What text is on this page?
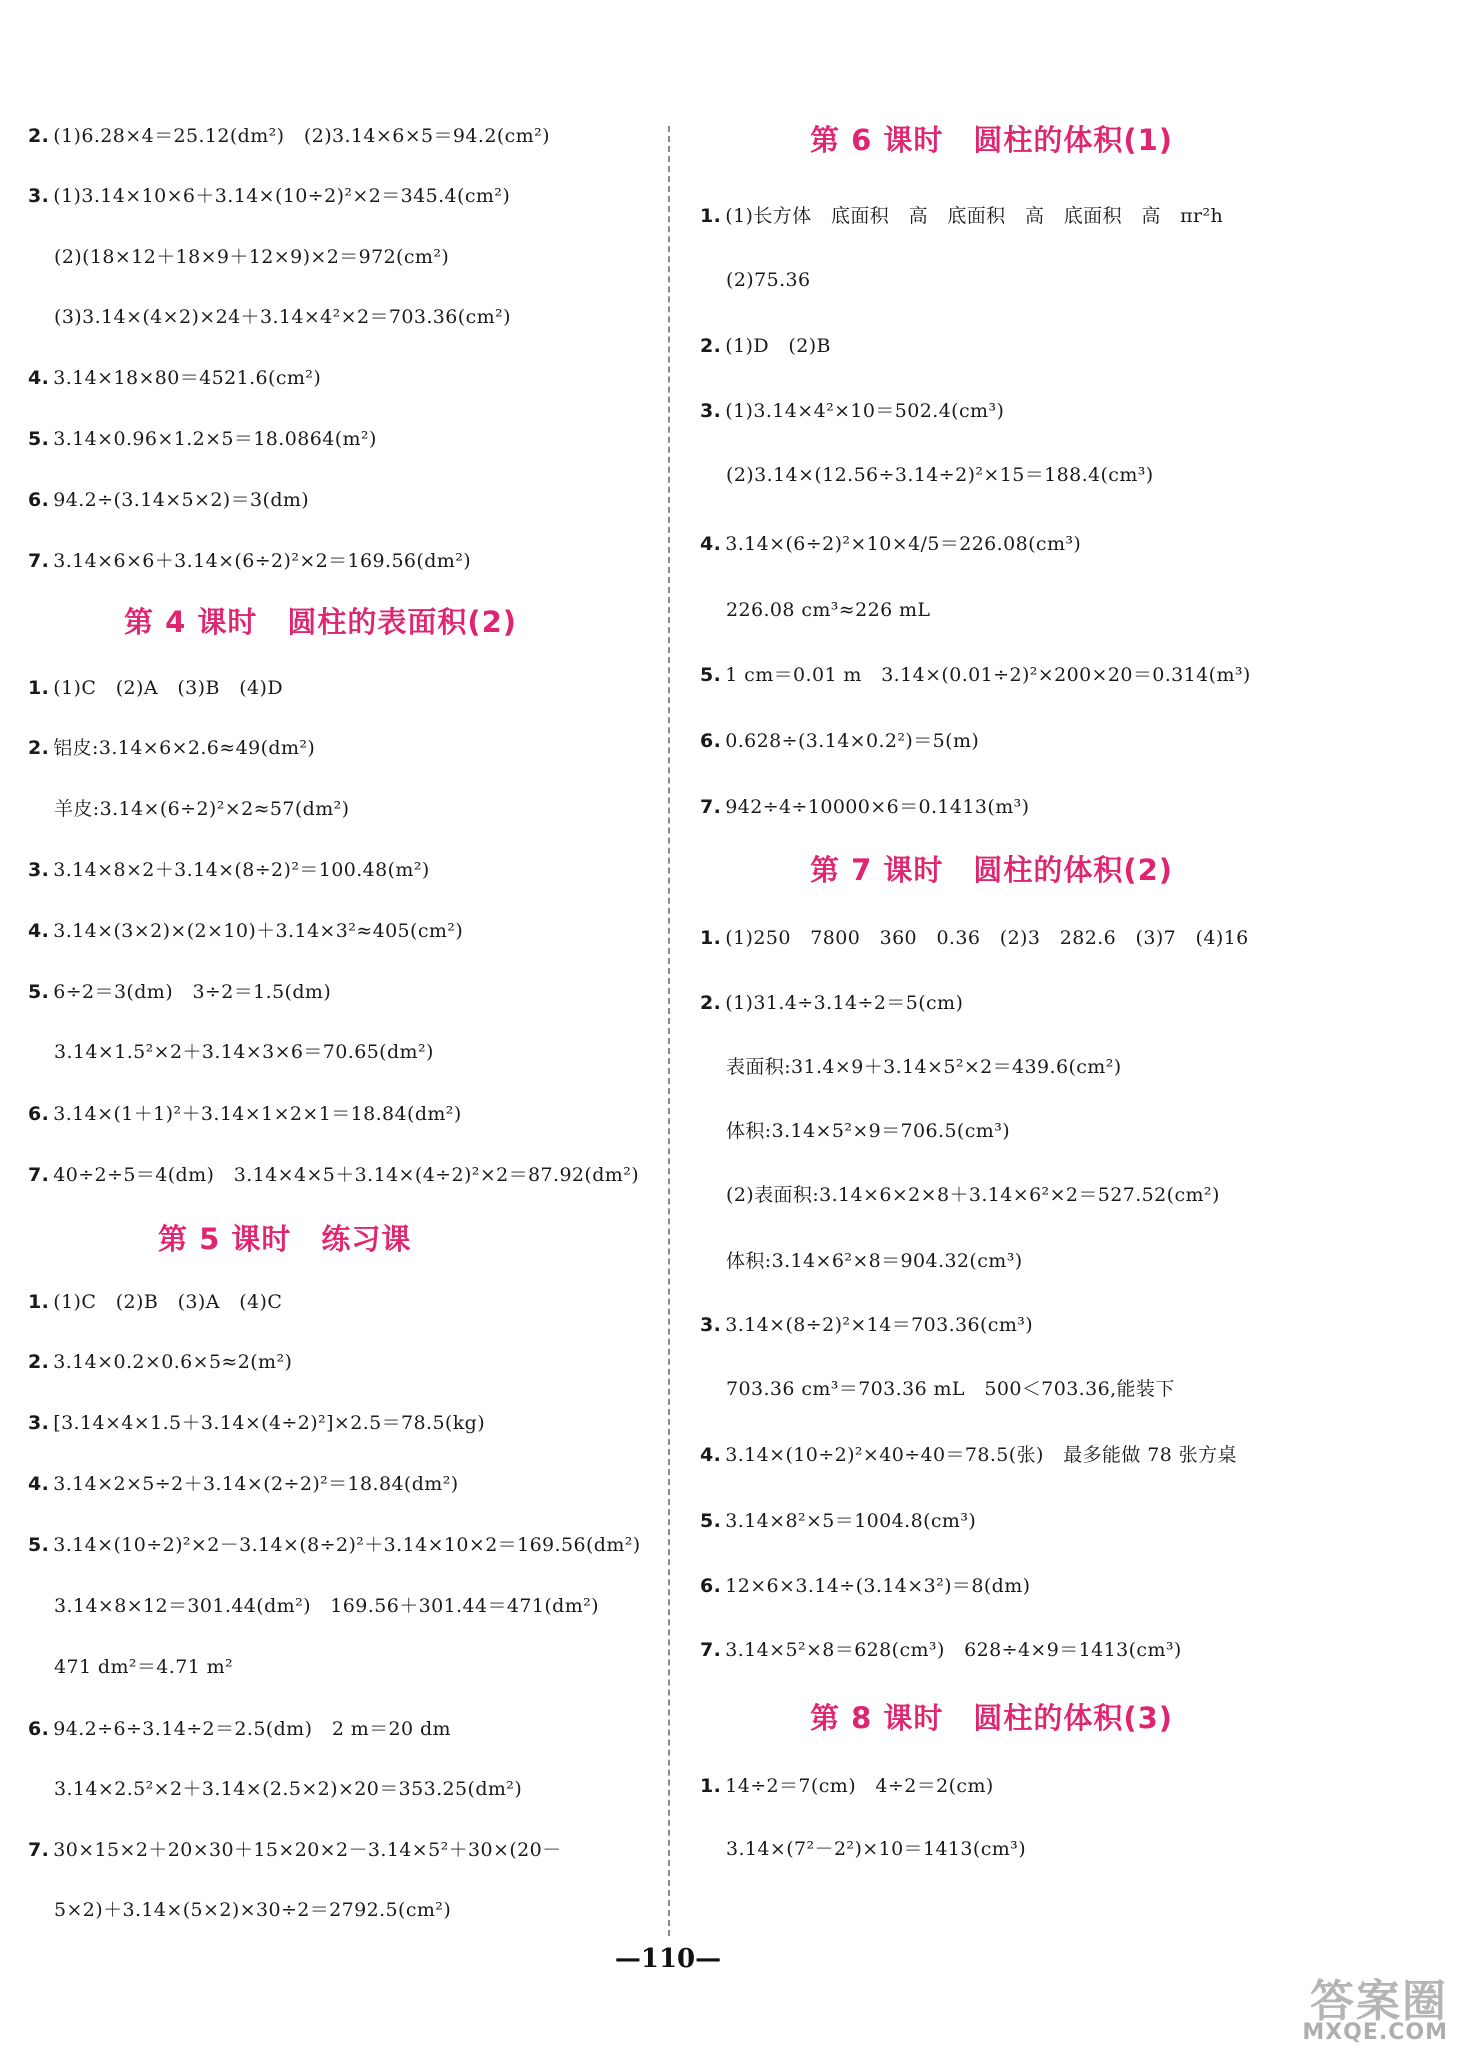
2. (1)6.28×4＝25.12(dm²)　(2)3.14×6×5＝94.2(cm²)
3. (1)3.14×10×6＋3.14×(10÷2)²×2＝345.4(cm²)
(2)(18×12＋18×9＋12×9)×2＝972(cm²)
(3)3.14×(4×2)×24＋3.14×4²×2＝703.36(cm²)
4. 3.14×18×80＝4521.6(cm²)
5. 3.14×0.96×1.2×5＝18.0864(m²)
6. 94.2÷(3.14×5×2)＝3(dm)
7. 3.14×6×6＋3.14×(6÷2)²×2＝169.56(dm²)
第 4 课时　圆柱的表面积(2)
1. (1)C　(2)A　(3)B　(4)D
2. 铝皮:3.14×6×2.6≈49(dm²)
羊皮:3.14×(6÷2)²×2≈57(dm²)
3. 3.14×8×2＋3.14×(8÷2)²＝100.48(m²)
4. 3.14×(3×2)×(2×10)＋3.14×3²≈405(cm²)
5. 6÷2＝3(dm)　3÷2＝1.5(dm)
3.14×1.5²×2＋3.14×3×6＝70.65(dm²)
6. 3.14×(1＋1)²＋3.14×1×2×1＝18.84(dm²)
7. 40÷2÷5＝4(dm)　3.14×4×5＋3.14×(4÷2)²×2＝87.92(dm²)
第 5 课时　练习课
1. (1)C　(2)B　(3)A　(4)C
2. 3.14×0.2×0.6×5≈2(m²)
3. [3.14×4×1.5＋3.14×(4÷2)²]×2.5＝78.5(kg)
4. 3.14×2×5÷2＋3.14×(2÷2)²＝18.84(dm²)
5. 3.14×(10÷2)²×2－3.14×(8÷2)²＋3.14×10×2＝169.56(dm²)
3.14×8×12＝301.44(dm²)　169.56＋301.44＝471(dm²)
471 dm²＝4.71 m²
6. 94.2÷6÷3.14÷2＝2.5(dm)　2 m＝20 dm
3.14×2.5²×2＋3.14×(2.5×2)×20＝353.25(dm²)
7. 30×15×2＋20×30＋15×20×2－3.14×5²＋30×(20－
5×2)＋3.14×(5×2)×30÷2＝2792.5(cm²)
第 6 课时　圆柱的体积(1)
1. (1)长方体　底面积　高　底面积　高　底面积　高　πr²h
(2)75.36
2. (1)D　(2)B
3. (1)3.14×4²×10＝502.4(cm³)
(2)3.14×(12.56÷3.14÷2)²×15＝188.4(cm³)
4. 3.14×(6÷2)²×10×4/5＝226.08(cm³)
226.08 cm³≈226 mL
5. 1 cm＝0.01 m　3.14×(0.01÷2)²×200×20＝0.314(m³)
6. 0.628÷(3.14×0.2²)＝5(m)
7. 942÷4÷10000×6＝0.1413(m³)
第 7 课时　圆柱的体积(2)
1. (1)250　7800　360　0.36　(2)3　282.6　(3)7　(4)16
2. (1)31.4÷3.14÷2＝5(cm)
表面积:31.4×9＋3.14×5²×2＝439.6(cm²)
体积:3.14×5²×9＝706.5(cm³)
(2)表面积:3.14×6×2×8＋3.14×6²×2＝527.52(cm²)
体积:3.14×6²×8＝904.32(cm³)
3. 3.14×(8÷2)²×14＝703.36(cm³)
703.36 cm³＝703.36 mL　500＜703.36,能装下
4. 3.14×(10÷2)²×40÷40＝78.5(张)　最多能做 78 张方桌
5. 3.14×8²×5＝1004.8(cm³)
6. 12×6×3.14÷(3.14×3²)＝8(dm)
7. 3.14×5²×8＝628(cm³)　628÷4×9＝1413(cm³)
第 8 课时　圆柱的体积(3)
1. 14÷2＝7(cm)　4÷2＝2(cm)
3.14×(7²－2²)×10＝1413(cm³)
—110—
答案圈
MXQE.COM
